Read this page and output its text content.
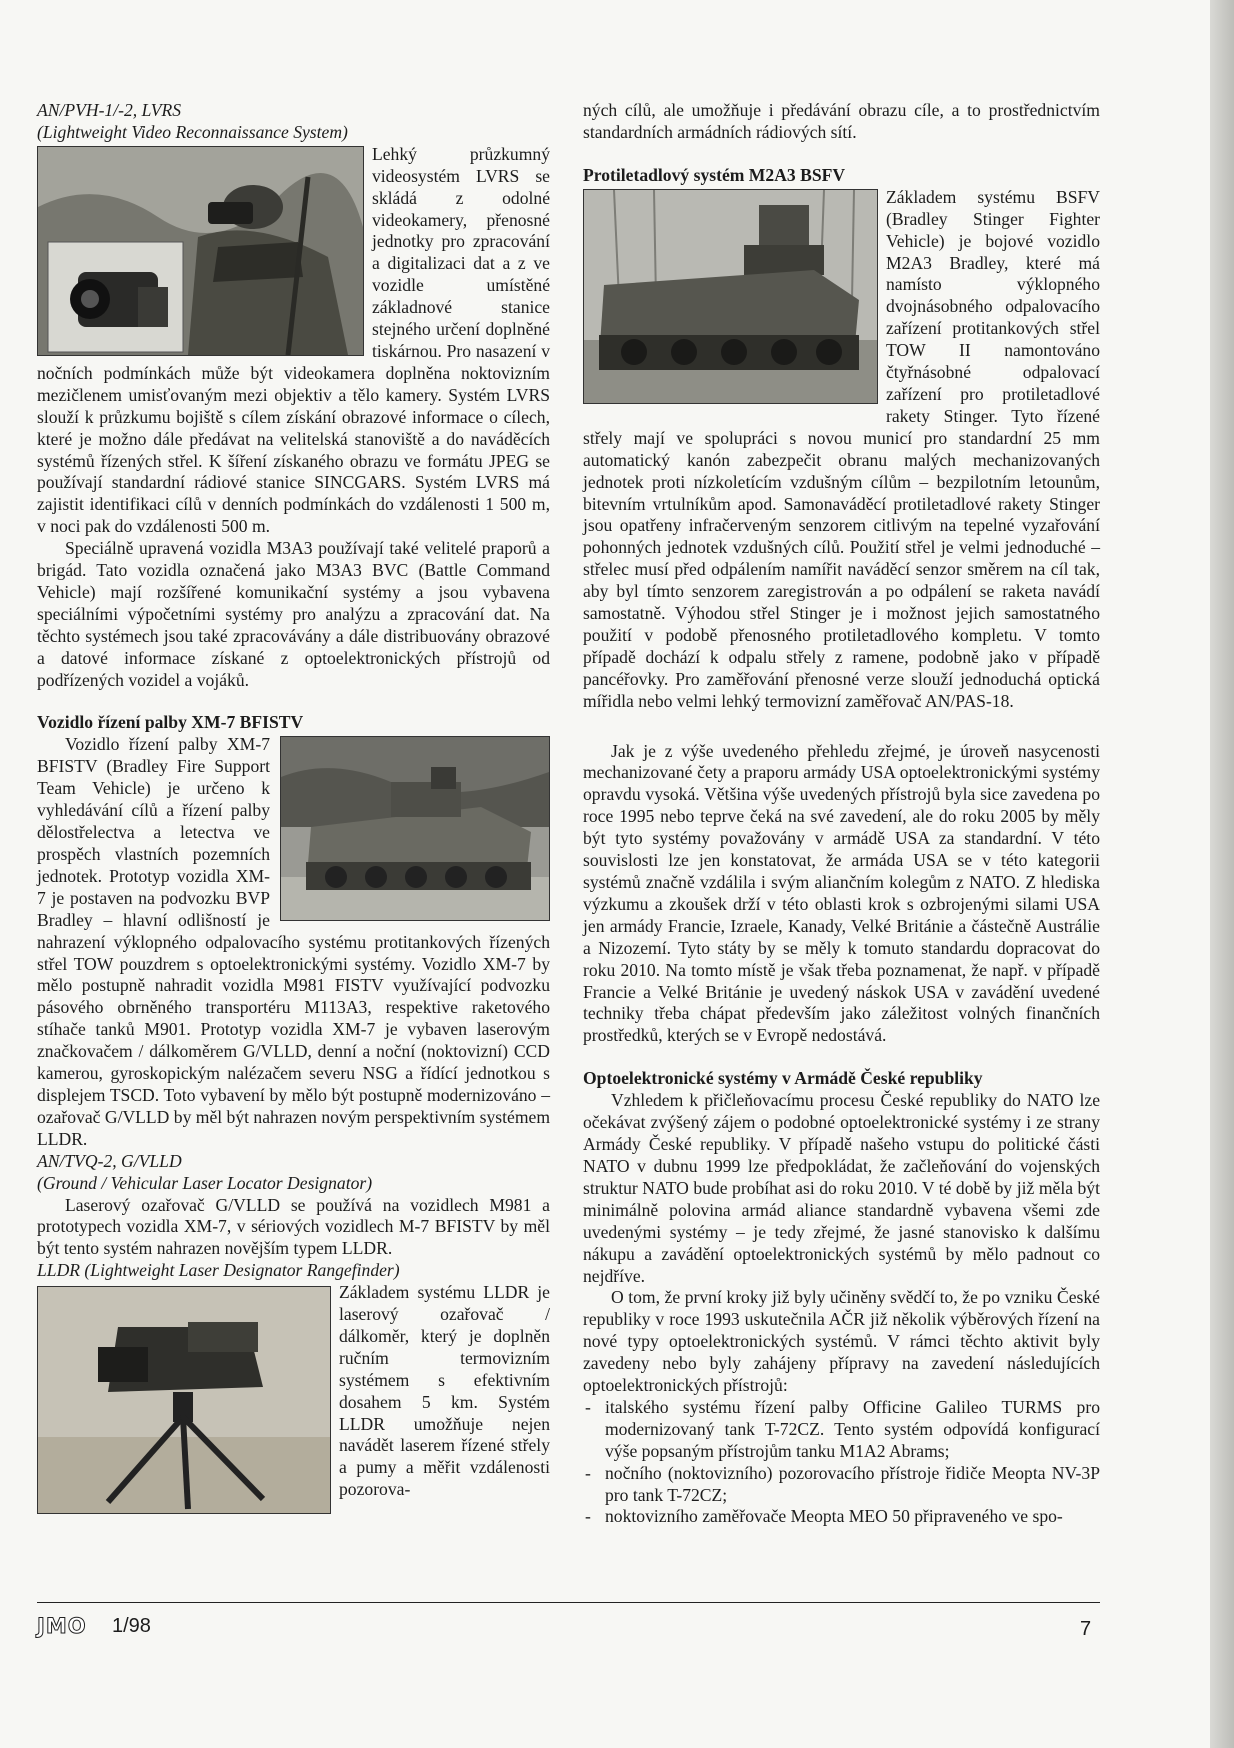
AN/PVH-1/-2, LVRS

(Lightweight Video Reconnaissance System)

Lehký průzkumný videosystém LVRS se skládá z odolné videokamery, přenosné jednotky pro zpracování a digitalizaci dat a z ve vozidle umístěné základnové stanice stejného určení doplněné tiskárnou. Pro nasazení v nočních podmínkách může být videokamera doplněna noktovizním mezičlenem umisťovaným mezi objektiv a tělo kamery. Systém LVRS slouží k průzkumu bojiště s cílem získání obrazové informace o cílech, které je možno dále předávat na velitelská stanoviště a do naváděcích systémů řízených střel. K šíření získaného obrazu ve formátu JPEG se používají standardní rádiové stanice SINCGARS. Systém LVRS má zajistit identifikaci cílů v denních podmínkách do vzdálenosti 1 500 m, v noci pak do vzdálenosti 500 m.

Speciálně upravená vozidla M3A3 používají také velitelé praporů a brigád. Tato vozidla označená jako M3A3 BVC (Battle Command Vehicle) mají rozšířené komunikační systémy a jsou vybavena speciálními výpočetními systémy pro analýzu a zpracování dat. Na těchto systémech jsou také zpracovávány a dále distribuovány obrazové a datové informace získané z optoelektronických přístrojů od podřízených vozidel a vojáků.

Vozidlo řízení palby XM-7 BFISTV

Vozidlo řízení palby XM-7 BFISTV (Bradley Fire Support Team Vehicle) je určeno k vyhledávání cílů a řízení palby dělostřelectva a letectva ve prospěch vlastních pozemních jednotek. Prototyp vozidla XM-7 je postaven na podvozku BVP Bradley – hlavní odlišností je nahrazení výklopného odpalovacího systému protitankových řízených střel TOW pouzdrem s optoelektronickými systémy. Vozidlo XM-7 by mělo postupně nahradit vozidla M981 FISTV využívající podvozku pásového obrněného transportéru M113A3, respektive raketového stíhače tanků M901. Prototyp vozidla XM-7 je vybaven laserovým značkovačem / dálkoměrem G/VLLD, denní a noční (noktovizní) CCD kamerou, gyroskopickým nalézačem severu NSG a řídící jednotkou s displejem TSCD. Toto vybavení by mělo být postupně modernizováno – ozařovač G/VLLD by měl být nahrazen novým perspektivním systémem LLDR.

AN/TVQ-2, G/VLLD

(Ground / Vehicular Laser Locator Designator)

Laserový ozařovač G/VLLD se používá na vozidlech M981 a prototypech vozidla XM-7, v sériových vozidlech M-7 BFISTV by měl být tento systém nahrazen novějším typem LLDR.

LLDR (Lightweight Laser Designator Rangefinder)

Základem systému LLDR je laserový ozařovač / dálkoměr, který je doplněn ručním termovizním systémem s efektivním dosahem 5 km. Systém LLDR umožňuje nejen navádět laserem řízené střely a pumy a měřit vzdálenosti pozorova-

ných cílů, ale umožňuje i předávání obrazu cíle, a to prostřednictvím standardních armádních rádiových sítí.

Protiletadlový systém M2A3 BSFV

Základem systému BSFV (Bradley Stinger Fighter Vehicle) je bojové vozidlo M2A3 Bradley, které má namísto výklopného dvojnásobného odpalovacího zařízení protitankových střel TOW II namontováno čtyřnásobné odpalovací zařízení pro protiletadlové rakety Stinger. Tyto řízené střely mají ve spolupráci s novou municí pro standardní 25 mm automatický kanón zabezpečit obranu malých mechanizovaných jednotek proti nízkoletícím vzdušným cílům – bezpilotním letounům, bitevním vrtulníkům apod. Samonaváděcí protiletadlové rakety Stinger jsou opatřeny infračerveným senzorem citlivým na tepelné vyzařování pohonných jednotek vzdušných cílů. Použití střel je velmi jednoduché – střelec musí před odpálením namířit naváděcí senzor směrem na cíl tak, aby byl tímto senzorem zaregistrován a po odpálení se raketa navádí samostatně. Výhodou střel Stinger je i možnost jejich samostatného použití v podobě přenosného protiletadlového kompletu. V tomto případě dochází k odpalu střely z ramene, podobně jako v případě pancéřovky. Pro zaměřování přenosné verze slouží jednoduchá optická mířidla nebo velmi lehký termovizní zaměřovač AN/PAS-18.

Jak je z výše uvedeného přehledu zřejmé, je úroveň nasycenosti mechanizované čety a praporu armády USA optoelektronickými systémy opravdu vysoká. Většina výše uvedených přístrojů byla sice zavedena po roce 1995 nebo teprve čeká na své zavedení, ale do roku 2005 by měly být tyto systémy považovány v armádě USA za standardní. V této souvislosti lze jen konstatovat, že armáda USA se v této kategorii systémů značně vzdálila i svým aliančním kolegům z NATO. Z hlediska výzkumu a zkoušek drží v této oblasti krok s ozbrojenými silami USA jen armády Francie, Izraele, Kanady, Velké Británie a částečně Austrálie a Nizozemí. Tyto státy by se měly k tomuto standardu dopracovat do roku 2010. Na tomto místě je však třeba poznamenat, že např. v případě Francie a Velké Británie je uvedený náskok USA v zavádění uvedené techniky třeba chápat především jako záležitost volných finančních prostředků, kterých se v Evropě nedostává.

Optoelektronické systémy v Armádě České republiky

Vzhledem k přičleňovacímu procesu České republiky do NATO lze očekávat zvýšený zájem o podobné optoelektronické systémy i ze strany Armády České republiky. V případě našeho vstupu do politické části NATO v dubnu 1999 lze předpokládat, že začleňování do vojenských struktur NATO bude probíhat asi do roku 2010. V té době by již měla být minimálně polovina armád aliance standardně vybavena všemi zde uvedenými systémy – je tedy zřejmé, že jasné stanovisko k dalšímu nákupu a zavádění optoelektronických systémů by mělo padnout co nejdříve.

O tom, že první kroky již byly učiněny svědčí to, že po vzniku České republiky v roce 1993 uskutečnila AČR již několik výběrových řízení na nové typy optoelektronických systémů. V rámci těchto aktivit byly zavedeny nebo byly zahájeny přípravy na zavedení následujících optoelektronických přístrojů:

- italského systému řízení palby Officine Galileo TURMS pro modernizovaný tank T-72CZ. Tento systém odpovídá konfigurací výše popsaným přístrojům tanku M1A2 Abrams;
- nočního (noktovizního) pozorovacího přístroje řidiče Meopta NV-3P pro tank T-72CZ;
- noktovizního zaměřovače Meopta MEO 50 připraveného ve spo-
JMO 1/98	7
